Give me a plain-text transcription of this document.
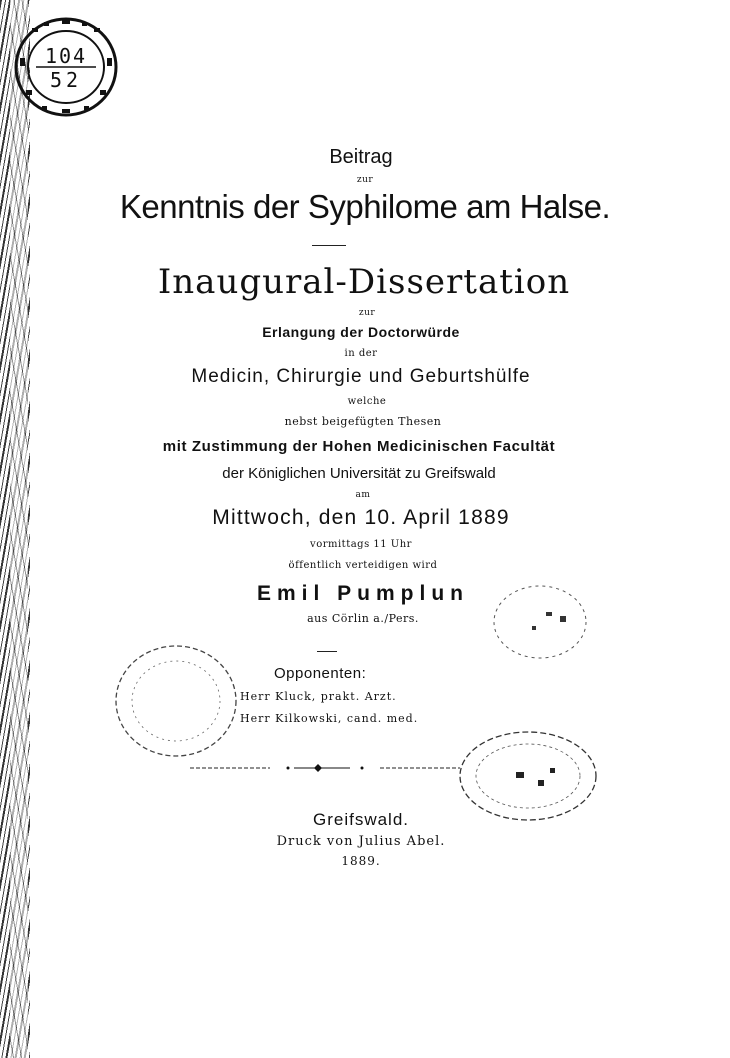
104
52
Beitrag
zur
Kenntnis der Syphilome am Halse.
Inaugural-Dissertation
zur
Erlangung der Doctorwürde
in der
Medicin, Chirurgie und Geburtshülfe
welche
nebst beigefügten Thesen
mit Zustimmung der Hohen Medicinischen Facultät
der Königlichen Universität zu Greifswald
am
Mittwoch, den 10. April 1889
vormittags 11 Uhr
öffentlich verteidigen wird
Emil Pumplun
aus Cörlin a./Pers.
Opponenten:
Herr Kluck, prakt. Arzt.
Herr Kilkowski, cand. med.
Greifswald.
Druck von Julius Abel.
1889.
